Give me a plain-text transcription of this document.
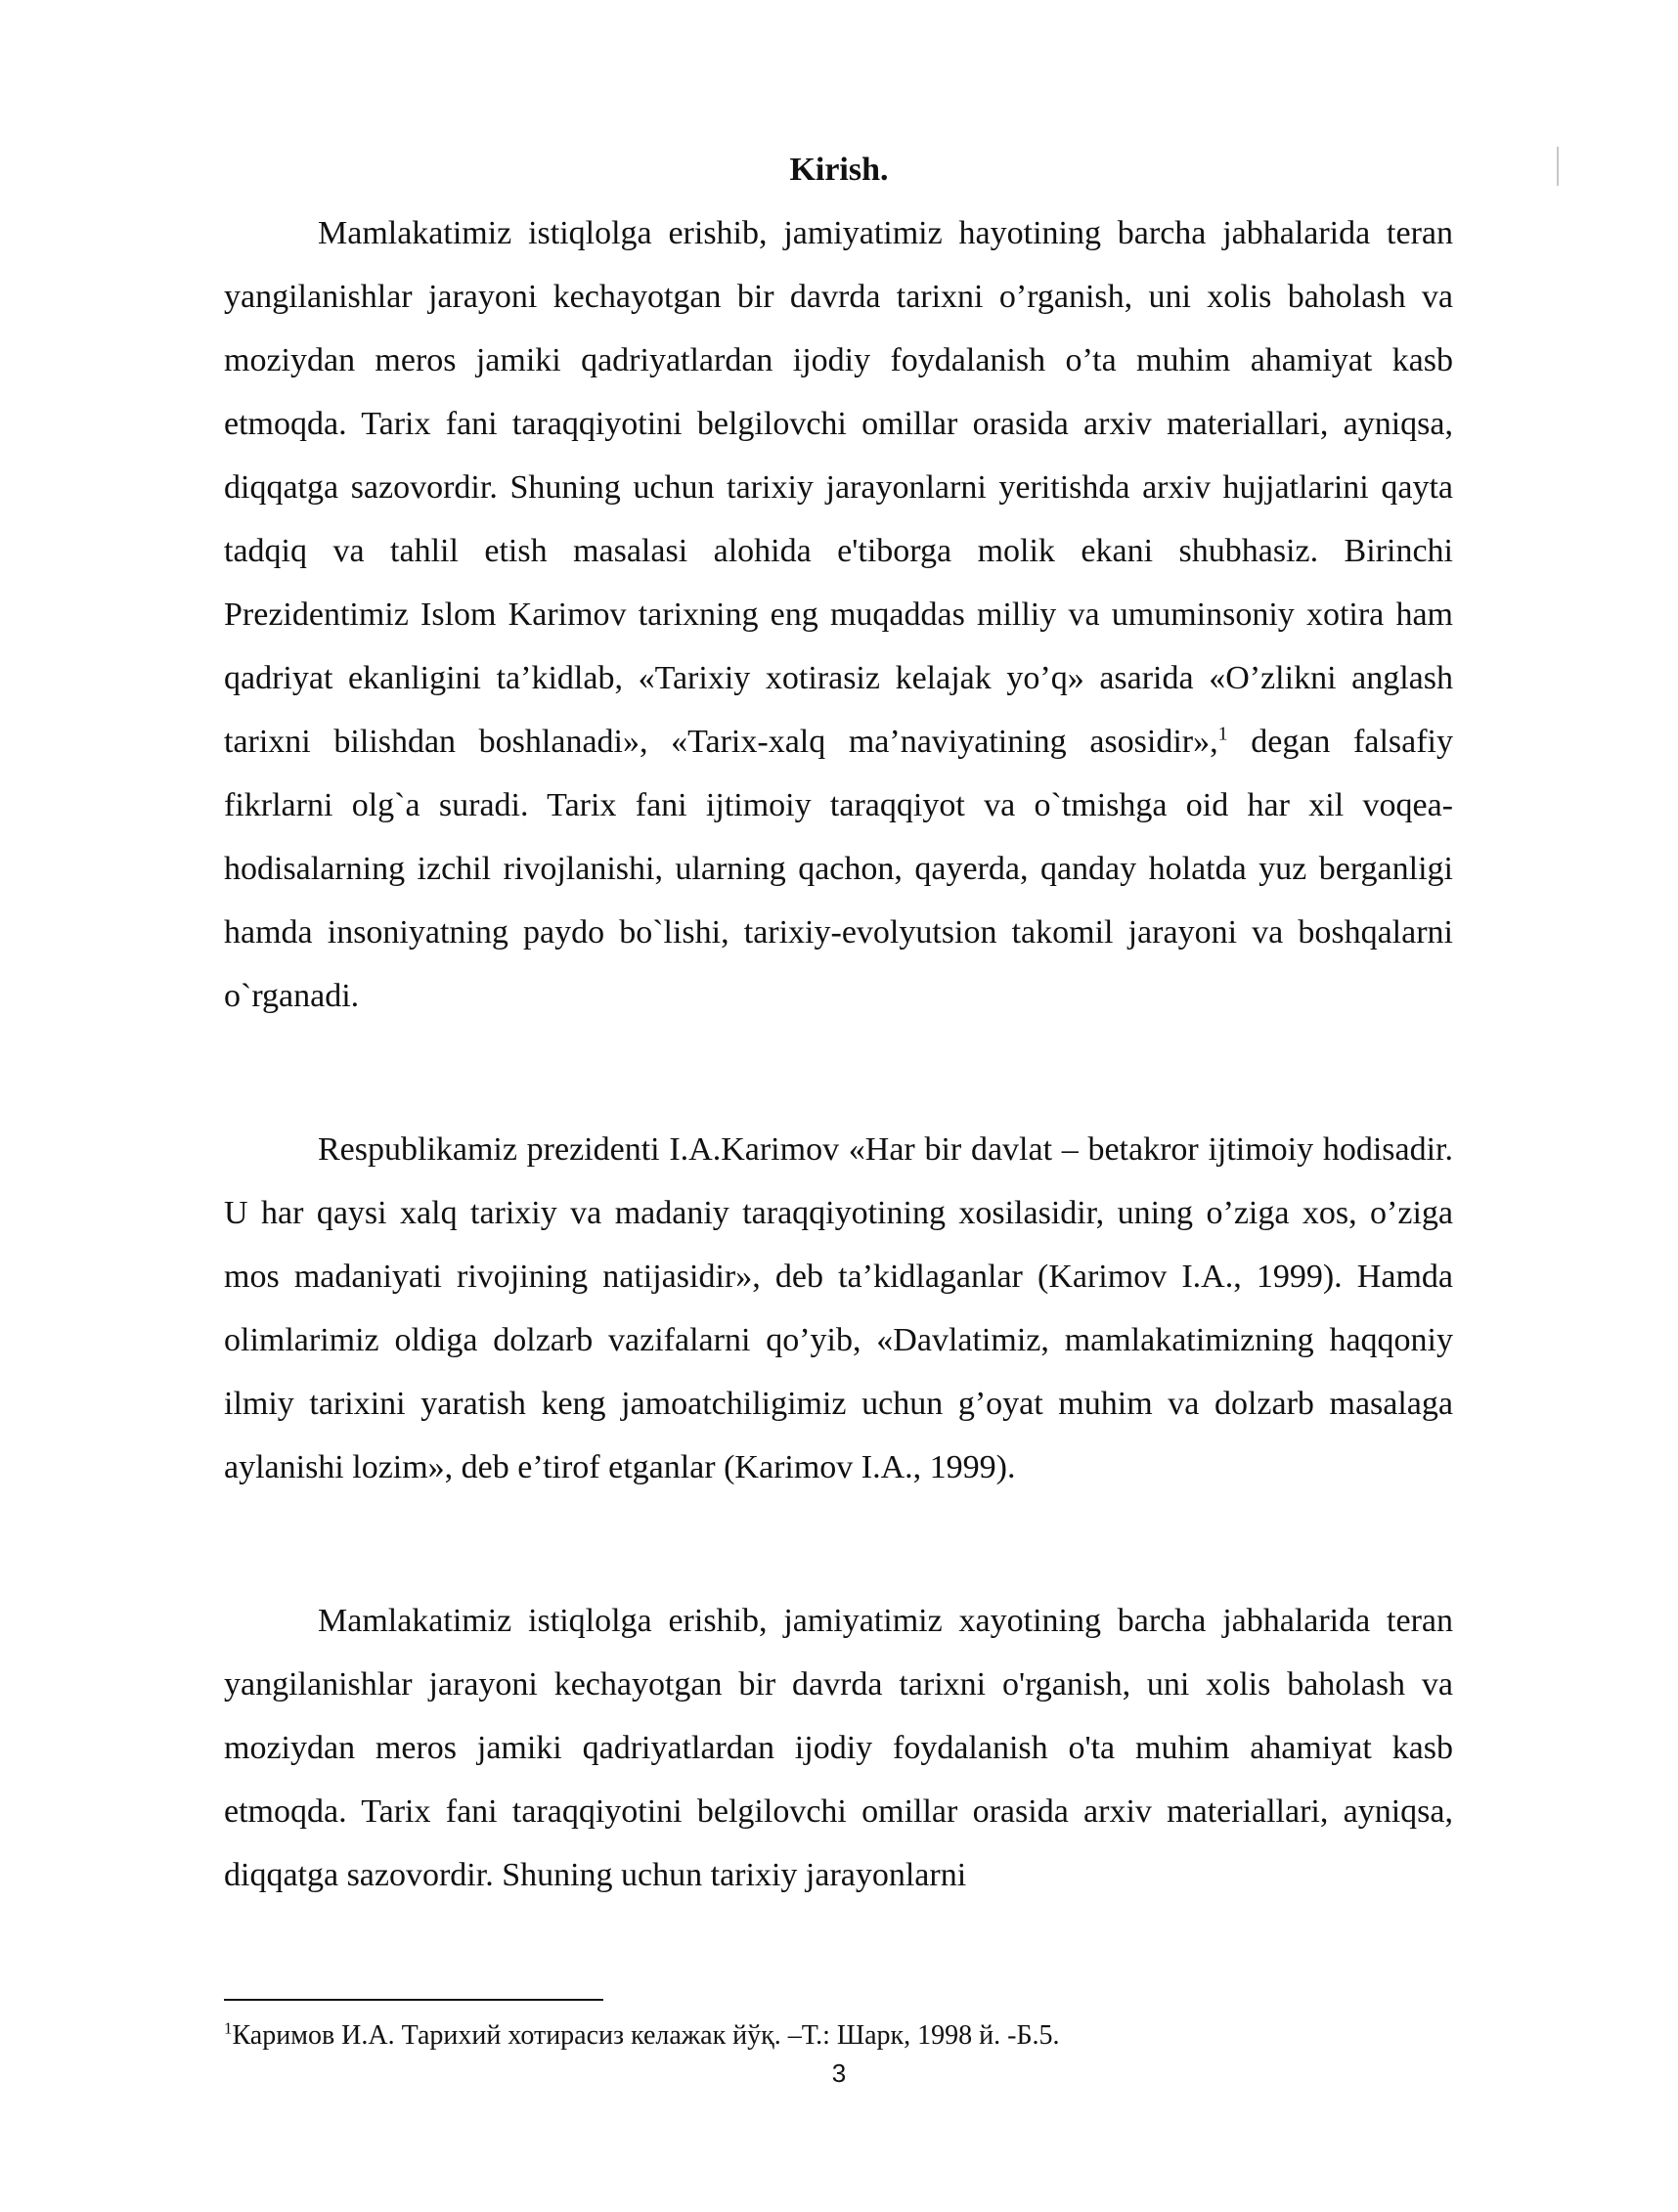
Kirish.

Mamlakatimiz istiqlolga erishib, jamiyatimiz hayotining barcha jabhalarida teran yangilanishlar jarayoni kechayotgan bir davrda tarixni o’rganish, uni xolis baholash va moziydan meros jamiki qadriyatlardan ijodiy foydalanish o’ta muhim ahamiyat kasb etmoqda. Tarix fani taraqqiyotini belgilovchi omillar orasida arxiv materiallari, ayniqsa, diqqatga sazovordir. Shuning uchun tarixiy jarayonlarni yeritishda arxiv hujjatlarini qayta tadqiq va tahlil etish masalasi alohida e'tiborga molik ekani shubhasiz. Birinchi Prezidentimiz Islom Karimov tarixning eng muqaddas milliy va umuminsoniy xotira ham qadriyat ekanligini ta’kidlab, «Tarixiy xotirasiz kelajak yo’q» asarida «O’zlikni anglash tarixni bilishdan boshlanadi», «Tarix-xalq ma’naviyatining asosidir»,$^1$ degan falsafiy fikrlarni olg`a suradi. Tarix fani ijtimoiy taraqqiyot va o`tmishga oid har xil voqea-hodisalarning izchil rivojlanishi, ularning qachon, qayerda, qanday holatda yuz berganligi hamda insoniyatning paydo bo`lishi, tarixiy-evolyutsion takomil jarayoni va boshqalarni o`rganadi.

Respublikamiz prezidenti I.A.Karimov «Har bir davlat – betakror ijtimoiy hodisadir. U har qaysi xalq tarixiy va madaniy taraqqiyotining xosilasidir, uning o’ziga xos, o’ziga mos madaniyati rivojining natijasidir», deb ta’kidlaganlar (Karimov I.A., 1999). Hamda olimlarimiz oldiga dolzarb vazifalarni qo’yib, «Davlatimiz, mamlakatimizning haqqoniy ilmiy tarixini yaratish keng jamoatchiligimiz uchun g’oyat muhim va dolzarb masalaga aylanishi lozim», deb e’tirof etganlar (Karimov I.A., 1999).

Mamlakatimiz istiqlolga erishib, jamiyatimiz xayotining barcha jabhalarida teran yangilanishlar jarayoni kechayotgan bir davrda tarixni o'rganish, uni xolis baholash va moziydan meros jamiki qadriyatlardan ijodiy foydalanish o'ta muhim ahamiyat kasb etmoqda. Tarix fani taraqqiyotini belgilovchi omillar orasida arxiv materiallari, ayniqsa, diqqatga sazovordir. Shuning uchun tarixiy jarayonlarni

$^1$Каримов И.А. Тарихий хотирасиз келажак йўқ. –Т.: Шарк, 1998 й. -Б.5.

3
